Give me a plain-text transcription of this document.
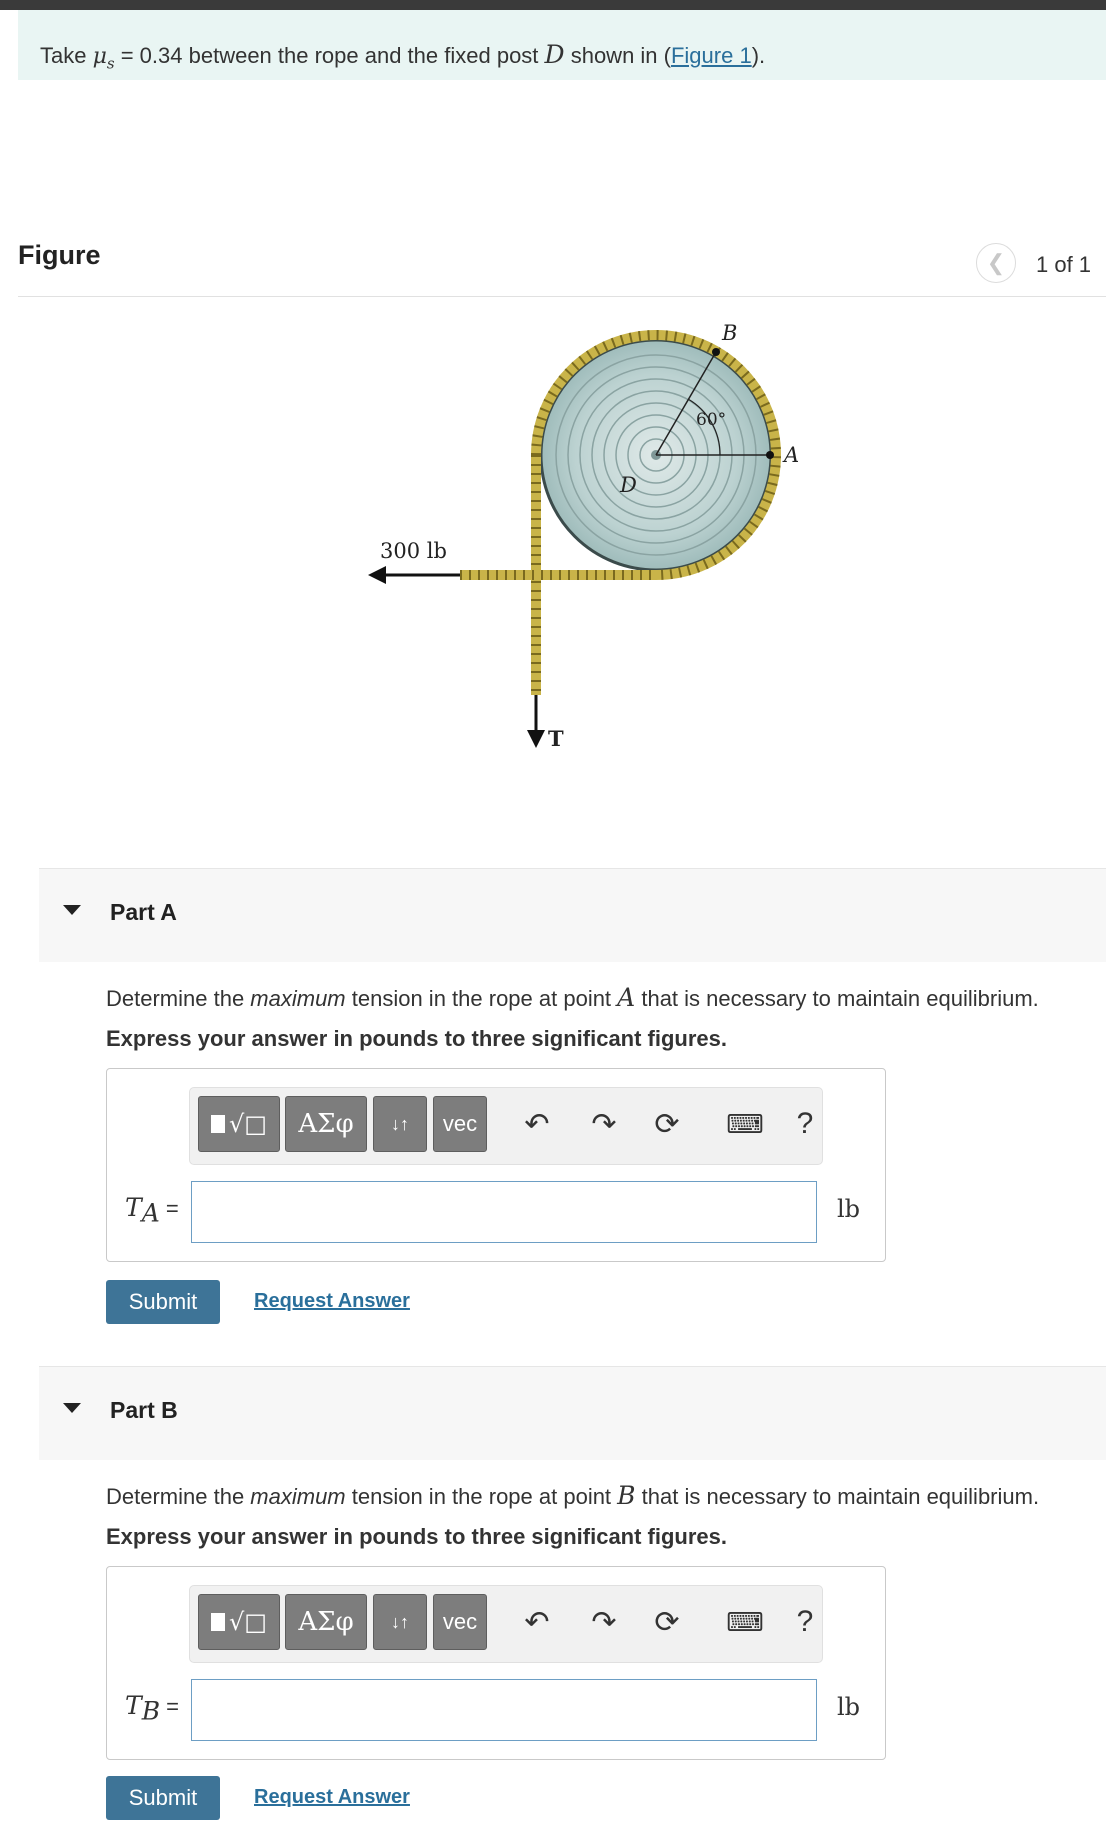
Take $\mu_s = 0.34$ between the rope and the fixed post D shown in (Figure 1).
Figure	❮ 1 of 1
300 lb
T
A
B
D
60°
Part A
Determine the maximum tension in the rope at point A that is necessary to maintain equilibrium.
Express your answer in pounds to three significant figures.
√□ ΑΣφ ↓↑ vec ↶ ↷ ⟳ ⌨ ?
$T_A$ =	lb
Submit	Request Answer
Part B
Determine the maximum tension in the rope at point B that is necessary to maintain equilibrium.
Express your answer in pounds to three significant figures.
√□ ΑΣφ ↓↑ vec ↶ ↷ ⟳ ⌨ ?
$T_B$ =	lb
Submit	Request Answer
